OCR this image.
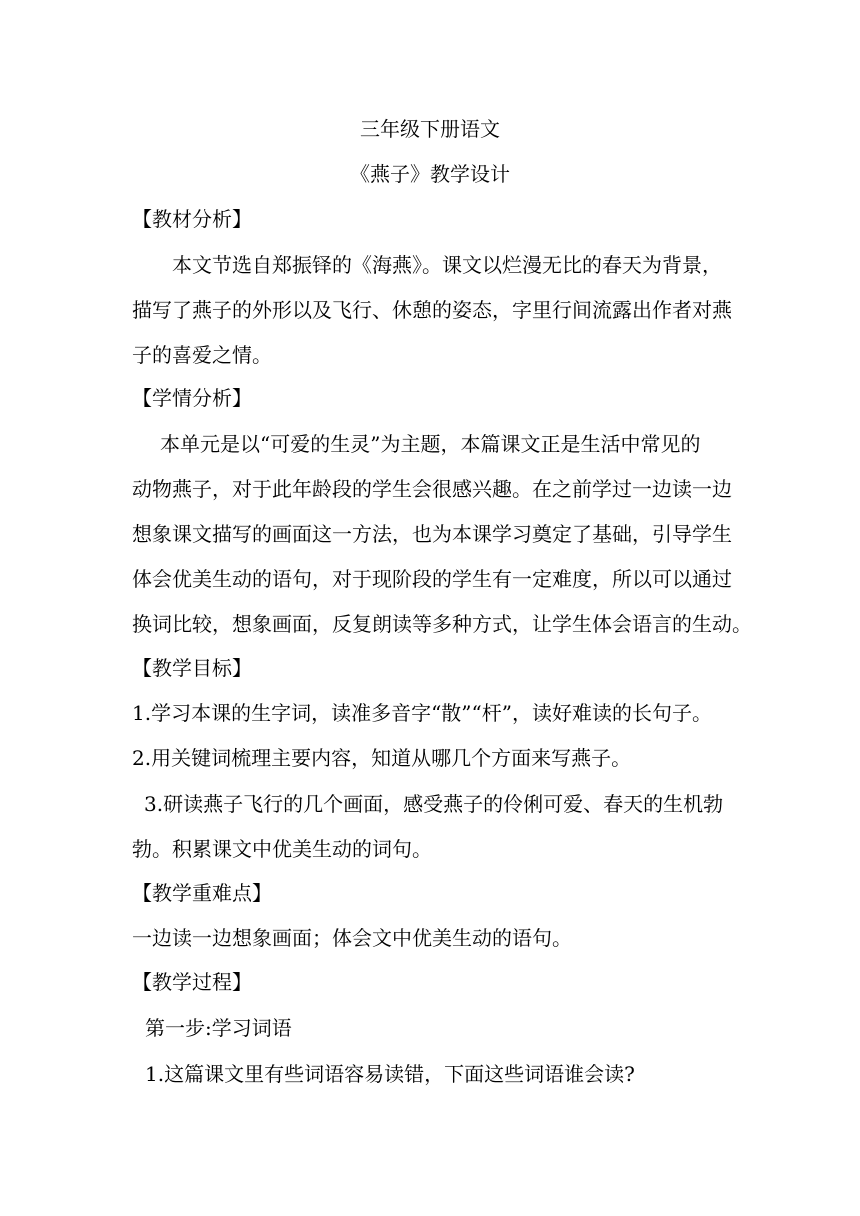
三年级下册语文
《燕子》教学设计
【教材分析】
本文节选自郑振铎的《海燕》。课文以烂漫无比的春天为背景，
描写了燕子的外形以及飞行、休憩的姿态，字里行间流露出作者对燕
子的喜爱之情。
【学情分析】
本单元是以“可爱的生灵”为主题，本篇课文正是生活中常见的
动物燕子，对于此年龄段的学生会很感兴趣。在之前学过一边读一边
想象课文描写的画面这一方法，也为本课学习奠定了基础，引导学生
体会优美生动的语句，对于现阶段的学生有一定难度，所以可以通过
换词比较，想象画面，反复朗读等多种方式，让学生体会语言的生动。
【教学目标】
1.学习本课的生字词，读准多音字“散”“杆”，读好难读的长句子。
2.用关键词梳理主要内容，知道从哪几个方面来写燕子。
3.研读燕子飞行的几个画面，感受燕子的伶俐可爱、春天的生机勃
勃。积累课文中优美生动的词句。
【教学重难点】
一边读一边想象画面；体会文中优美生动的语句。
【教学过程】
第一步:学习词语
1.这篇课文里有些词语容易读错，下面这些词语谁会读?
